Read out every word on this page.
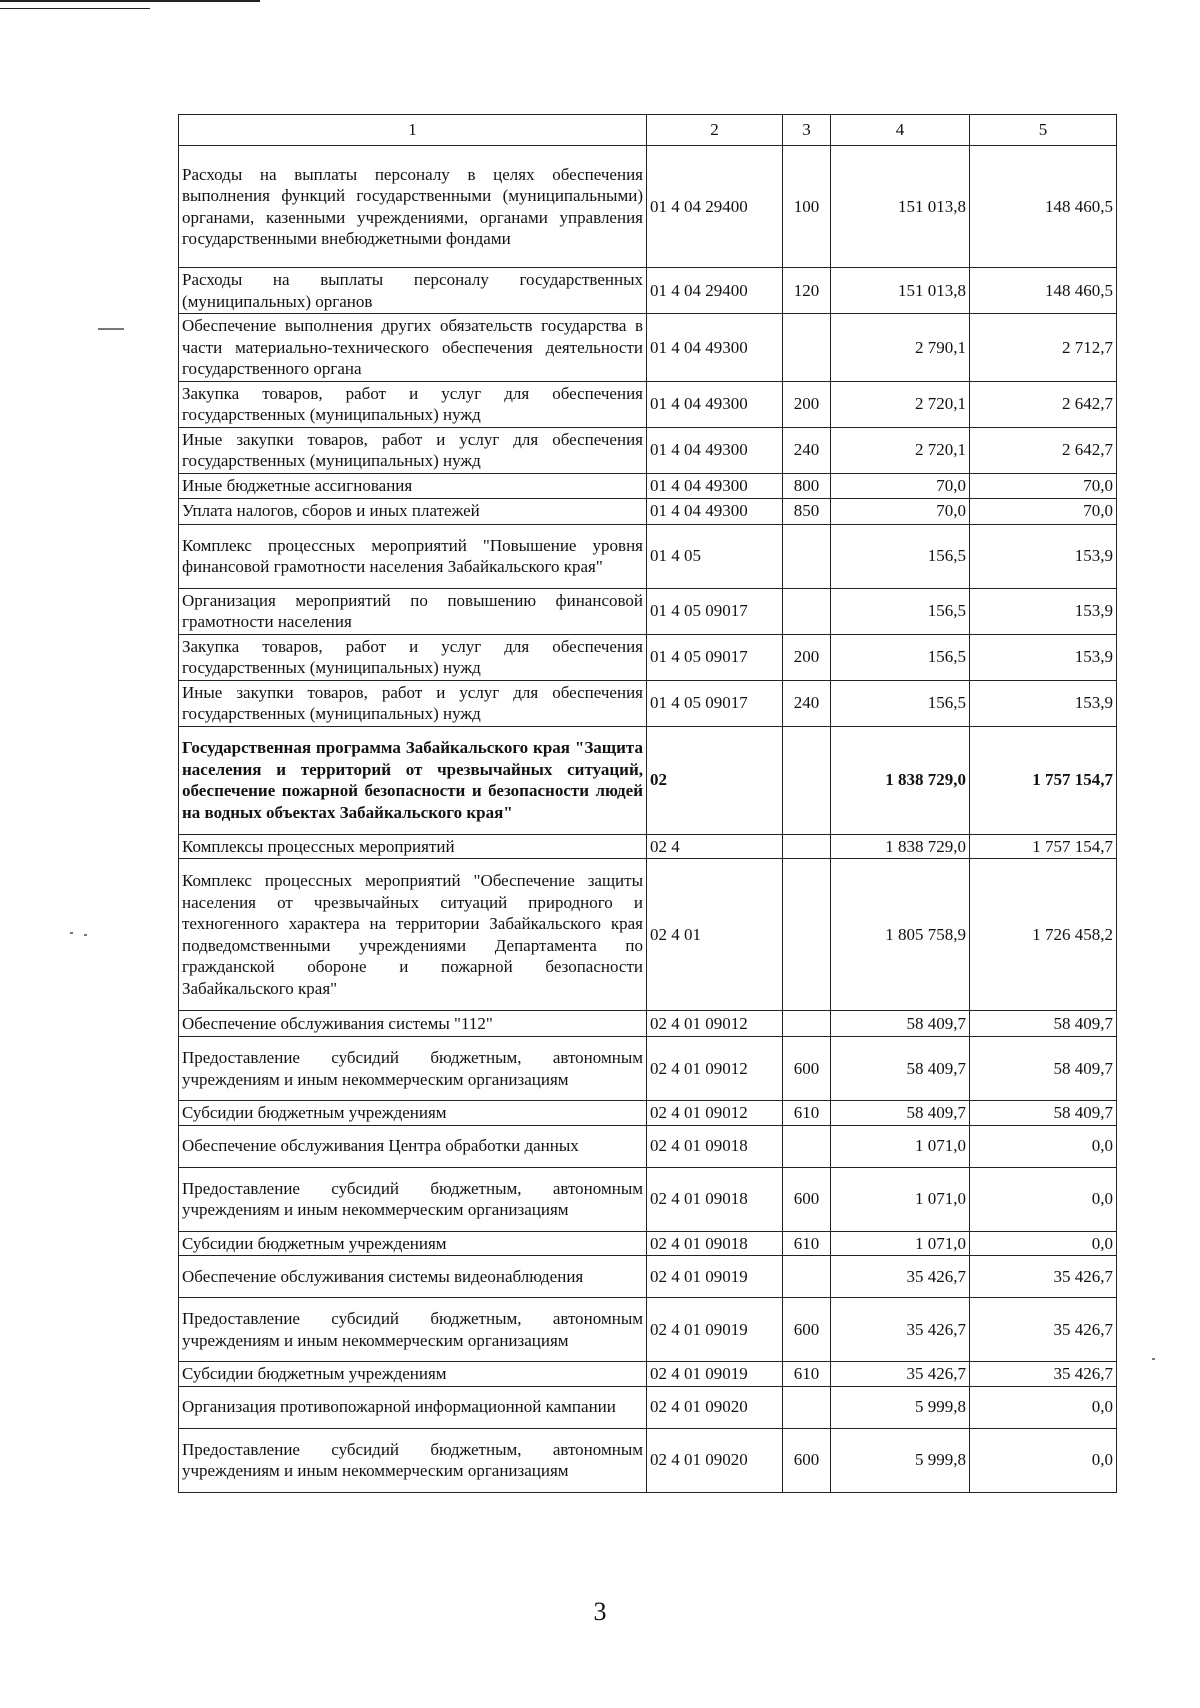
1	2	3	4	5
Расходы на выплаты персоналу в целях обеспечения выполнения функций государственными (муниципальными) органами, казенными учреждениями, органами управления государственными внебюджетными фондами	01 4 04 29400	100	151 013,8	148 460,5
Расходы на выплаты персоналу государственных (муниципальных) органов	01 4 04 29400	120	151 013,8	148 460,5
Обеспечение выполнения других обязательств государства в части материально-технического обеспечения деятельности государственного органа	01 4 04 49300		2 790,1	2 712,7
Закупка товаров, работ и услуг для обеспечения государственных (муниципальных) нужд	01 4 04 49300	200	2 720,1	2 642,7
Иные закупки товаров, работ и услуг для обеспечения государственных (муниципальных) нужд	01 4 04 49300	240	2 720,1	2 642,7
Иные бюджетные ассигнования	01 4 04 49300	800	70,0	70,0
Уплата налогов, сборов и иных платежей	01 4 04 49300	850	70,0	70,0
Комплекс процессных мероприятий "Повышение уровня финансовой грамотности населения Забайкальского края"	01 4 05		156,5	153,9
Организация мероприятий по повышению финансовой грамотности населения	01 4 05 09017		156,5	153,9
Закупка товаров, работ и услуг для обеспечения государственных (муниципальных) нужд	01 4 05 09017	200	156,5	153,9
Иные закупки товаров, работ и услуг для обеспечения государственных (муниципальных) нужд	01 4 05 09017	240	156,5	153,9
Государственная программа Забайкальского края "Защита населения и территорий от чрезвычайных ситуаций, обеспечение пожарной безопасности и безопасности людей на водных объектах Забайкальского края"	02		1 838 729,0	1 757 154,7
Комплексы процессных мероприятий	02 4		1 838 729,0	1 757 154,7
Комплекс процессных мероприятий "Обеспечение защиты населения от чрезвычайных ситуаций природного и техногенного характера на территории Забайкальского края подведомственными учреждениями Департамента по гражданской обороне и пожарной безопасности Забайкальского края"	02 4 01		1 805 758,9	1 726 458,2
Обеспечение обслуживания системы "112"	02 4 01 09012		58 409,7	58 409,7
Предоставление субсидий бюджетным, автономным учреждениям и иным некоммерческим организациям	02 4 01 09012	600	58 409,7	58 409,7
Субсидии бюджетным учреждениям	02 4 01 09012	610	58 409,7	58 409,7
Обеспечение обслуживания Центра обработки данных	02 4 01 09018		1 071,0	0,0
Предоставление субсидий бюджетным, автономным учреждениям и иным некоммерческим организациям	02 4 01 09018	600	1 071,0	0,0
Субсидии бюджетным учреждениям	02 4 01 09018	610	1 071,0	0,0
Обеспечение обслуживания системы видеонаблюдения	02 4 01 09019		35 426,7	35 426,7
Предоставление субсидий бюджетным, автономным учреждениям и иным некоммерческим организациям	02 4 01 09019	600	35 426,7	35 426,7
Субсидии бюджетным учреждениям	02 4 01 09019	610	35 426,7	35 426,7
Организация противопожарной информационной кампании	02 4 01 09020		5 999,8	0,0
Предоставление субсидий бюджетным, автономным учреждениям и иным некоммерческим организациям	02 4 01 09020	600	5 999,8	0,0
3
